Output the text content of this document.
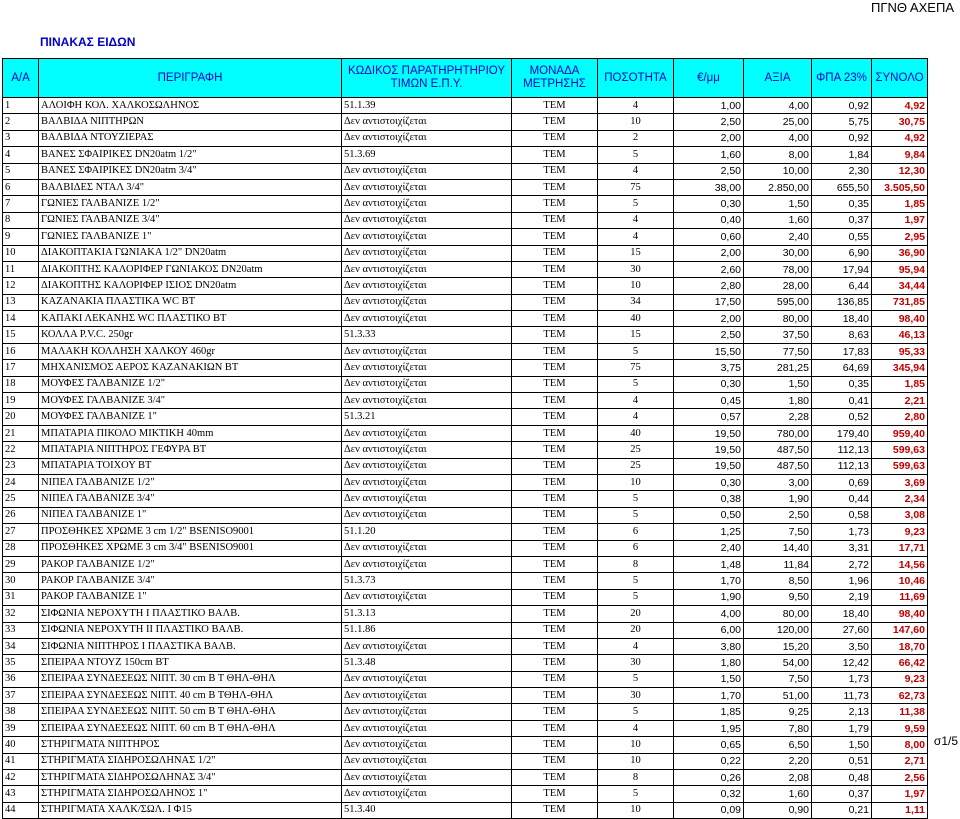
ΠΓΝΘ ΑΧΕΠΑ
ΠΙΝΑΚΑΣ ΕΙΔΩΝ
Α/Α	ΠΕΡΙΓΡΑΦΗ	ΚΩΔΙΚΟΣ ΠΑΡΑΤΗΡΗΤΗΡΙΟΥ ΤΙΜΩΝ Ε.Π.Υ.	ΜΟΝΑΔΑ ΜΕΤΡΗΣΗΣ	ΠΟΣΟΤΗΤΑ	€/μμ	ΑΞΙΑ	ΦΠΑ 23%	ΣΥΝΟΛΟ
1	ΑΛΟΙΦΗ ΚΟΛ. ΧΑΛΚΟΣΩΛΗΝΟΣ	51.1.39	ΤΕΜ	4	1,00	4,00	0,92	4,92
2	ΒΑΛΒΙΔΑ ΝΙΠΤΗΡΩΝ	Δεν αντιστοιχίζεται	ΤΕΜ	10	2,50	25,00	5,75	30,75
3	ΒΑΛΒΙΔΑ ΝΤΟΥΖΙΕΡΑΣ	Δεν αντιστοιχίζεται	ΤΕΜ	2	2,00	4,00	0,92	4,92
4	ΒΑΝΕΣ ΣΦΑΙΡΙΚΕΣ DN20atm 1/2"	51.3.69	ΤΕΜ	5	1,60	8,00	1,84	9,84
5	ΒΑΝΕΣ ΣΦΑΙΡΙΚΕΣ DN20atm 3/4"	Δεν αντιστοιχίζεται	ΤΕΜ	4	2,50	10,00	2,30	12,30
6	ΒΑΛΒΙΔΕΣ ΝΤΑΛ 3/4"	Δεν αντιστοιχίζεται	ΤΕΜ	75	38,00	2.850,00	655,50	3.505,50
7	ΓΩΝΙΕΣ ΓΑΛΒΑΝΙΖΕ 1/2"	Δεν αντιστοιχίζεται	ΤΕΜ	5	0,30	1,50	0,35	1,85
8	ΓΩΝΙΕΣ ΓΑΛΒΑΝΙΖΕ 3/4"	Δεν αντιστοιχίζεται	ΤΕΜ	4	0,40	1,60	0,37	1,97
9	ΓΩΝΙΕΣ ΓΑΛΒΑΝΙΖΕ 1"	Δεν αντιστοιχίζεται	ΤΕΜ	4	0,60	2,40	0,55	2,95
10	ΔΙΑΚΟΠΤΑΚΙΑ ΓΩΝΙΑΚΑ 1/2" DN20atm	Δεν αντιστοιχίζεται	ΤΕΜ	15	2,00	30,00	6,90	36,90
11	ΔΙΑΚΟΠΤΗΣ ΚΑΛΟΡΙΦΕΡ ΓΩΝΙΑΚΟΣ DN20atm	Δεν αντιστοιχίζεται	ΤΕΜ	30	2,60	78,00	17,94	95,94
12	ΔΙΑΚΟΠΤΗΣ ΚΑΛΟΡΙΦΕΡ ΙΣΙΟΣ DN20atm	Δεν αντιστοιχίζεται	ΤΕΜ	10	2,80	28,00	6,44	34,44
13	ΚΑΖΑΝΑΚΙΑ ΠΛΑΣΤΙΚΑ WC BT	Δεν αντιστοιχίζεται	ΤΕΜ	34	17,50	595,00	136,85	731,85
14	ΚΑΠΑΚΙ ΛΕΚΑΝΗΣ WC ΠΛΑΣΤΙΚΟ BT	Δεν αντιστοιχίζεται	ΤΕΜ	40	2,00	80,00	18,40	98,40
15	ΚΟΛΛΑ P.V.C. 250gr	51.3.33	ΤΕΜ	15	2,50	37,50	8,63	46,13
16	ΜΑΛΑΚΗ ΚΟΛΛΗΣΗ ΧΑΛΚΟΥ 460gr	Δεν αντιστοιχίζεται	ΤΕΜ	5	15,50	77,50	17,83	95,33
17	ΜΗΧΑΝΙΣΜΟΣ ΑΕΡΟΣ ΚΑΖΑΝΑΚΙΩΝ BT	Δεν αντιστοιχίζεται	ΤΕΜ	75	3,75	281,25	64,69	345,94
18	ΜΟΥΦΕΣ ΓΑΛΒΑΝΙΖΕ 1/2"	Δεν αντιστοιχίζεται	ΤΕΜ	5	0,30	1,50	0,35	1,85
19	ΜΟΥΦΕΣ ΓΑΛΒΑΝΙΖΕ 3/4"	Δεν αντιστοιχίζεται	ΤΕΜ	4	0,45	1,80	0,41	2,21
20	ΜΟΥΦΕΣ ΓΑΛΒΑΝΙΖΕ 1"	51.3.21	ΤΕΜ	4	0,57	2,28	0,52	2,80
21	ΜΠΑΤΑΡΙΑ ΠΙΚΟΛΟ ΜΙΚΤΙΚΗ 40mm	Δεν αντιστοιχίζεται	ΤΕΜ	40	19,50	780,00	179,40	959,40
22	ΜΠΑΤΑΡΙΑ ΝΙΠΤΗΡΟΣ ΓΕΦΥΡΑ BT	Δεν αντιστοιχίζεται	ΤΕΜ	25	19,50	487,50	112,13	599,63
23	ΜΠΑΤΑΡΙΑ ΤΟΙΧΟΥ BT	Δεν αντιστοιχίζεται	ΤΕΜ	25	19,50	487,50	112,13	599,63
24	ΝΙΠΕΛ ΓΑΛΒΑΝΙΖΕ 1/2"	Δεν αντιστοιχίζεται	ΤΕΜ	10	0,30	3,00	0,69	3,69
25	ΝΙΠΕΛ ΓΑΛΒΑΝΙΖΕ 3/4"	Δεν αντιστοιχίζεται	ΤΕΜ	5	0,38	1,90	0,44	2,34
26	ΝΙΠΕΛ ΓΑΛΒΑΝΙΖΕ 1"	Δεν αντιστοιχίζεται	ΤΕΜ	5	0,50	2,50	0,58	3,08
27	ΠΡΟΣΘΗΚΕΣ ΧΡΩΜΕ 3 cm 1/2" BSENISO9001	51.1.20	ΤΕΜ	6	1,25	7,50	1,73	9,23
28	ΠΡΟΣΘΗΚΕΣ ΧΡΩΜΕ 3 cm 3/4" BSENISO9001	Δεν αντιστοιχίζεται	ΤΕΜ	6	2,40	14,40	3,31	17,71
29	ΡΑΚΟΡ ΓΑΛΒΑΝΙΖΕ 1/2"	Δεν αντιστοιχίζεται	ΤΕΜ	8	1,48	11,84	2,72	14,56
30	ΡΑΚΟΡ ΓΑΛΒΑΝΙΖΕ 3/4"	51.3.73	ΤΕΜ	5	1,70	8,50	1,96	10,46
31	ΡΑΚΟΡ ΓΑΛΒΑΝΙΖΕ 1"	Δεν αντιστοιχίζεται	ΤΕΜ	5	1,90	9,50	2,19	11,69
32	ΣΙΦΩΝΙΑ ΝΕΡΟΧΥΤΗ Ι ΠΛΑΣΤΙΚΟ ΒΑΛΒ.	51.3.13	ΤΕΜ	20	4,00	80,00	18,40	98,40
33	ΣΙΦΩΝΙΑ ΝΕΡΟΧΥΤΗ ΙΙ ΠΛΑΣΤΙΚΟ ΒΑΛΒ.	51.1.86	ΤΕΜ	20	6,00	120,00	27,60	147,60
34	ΣΙΦΩΝΙΑ ΝΙΠΤΗΡΟΣ Ι ΠΛΑΣΤΙΚΑ ΒΑΛΒ.	Δεν αντιστοιχίζεται	ΤΕΜ	4	3,80	15,20	3,50	18,70
35	ΣΠΕΙΡΑΑ ΝΤΟΥΖ 150cm BT	51.3.48	ΤΕΜ	30	1,80	54,00	12,42	66,42
36	ΣΠΕΙΡΑΑ ΣΥΝΔΕΣΕΩΣ ΝΙΠΤ. 30 cm Β Τ ΘΗΛ-ΘΗΛ	Δεν αντιστοιχίζεται	ΤΕΜ	5	1,50	7,50	1,73	9,23
37	ΣΠΕΙΡΑΑ ΣΥΝΔΕΣΕΩΣ ΝΙΠΤ. 40 cm Β ΤΘΗΛ-ΘΗΛ	Δεν αντιστοιχίζεται	ΤΕΜ	30	1,70	51,00	11,73	62,73
38	ΣΠΕΙΡΑΑ ΣΥΝΔΕΣΕΩΣ ΝΙΠΤ. 50 cm Β Τ ΘΗΛ-ΘΗΛ	Δεν αντιστοιχίζεται	ΤΕΜ	5	1,85	9,25	2,13	11,38
39	ΣΠΕΙΡΑΑ ΣΥΝΔΕΣΕΩΣ ΝΙΠΤ. 60 cm Β Τ ΘΗΛ-ΘΗΛ	Δεν αντιστοιχίζεται	ΤΕΜ	4	1,95	7,80	1,79	9,59
40	ΣΤΗΡΙΓΜΑΤΑ ΝΙΠΤΗΡΟΣ	Δεν αντιστοιχίζεται	ΤΕΜ	10	0,65	6,50	1,50	8,00
41	ΣΤΗΡΙΓΜΑΤΑ ΣΙΔΗΡΟΣΩΛΗΝΑΣ 1/2"	Δεν αντιστοιχίζεται	ΤΕΜ	10	0,22	2,20	0,51	2,71
42	ΣΤΗΡΙΓΜΑΤΑ ΣΙΔΗΡΟΣΩΛΗΝΑΣ 3/4"	Δεν αντιστοιχίζεται	ΤΕΜ	8	0,26	2,08	0,48	2,56
43	ΣΤΗΡΙΓΜΑΤΑ ΣΙΔΗΡΟΣΩΛΗΝΟΣ 1"	Δεν αντιστοιχίζεται	ΤΕΜ	5	0,32	1,60	0,37	1,97
44	ΣΤΗΡΙΓΜΑΤΑ ΧΑΛΚ/ΣΩΛ. Ι Φ15	51.3.40	ΤΕΜ	10	0,09	0,90	0,21	1,11
σ1/5
